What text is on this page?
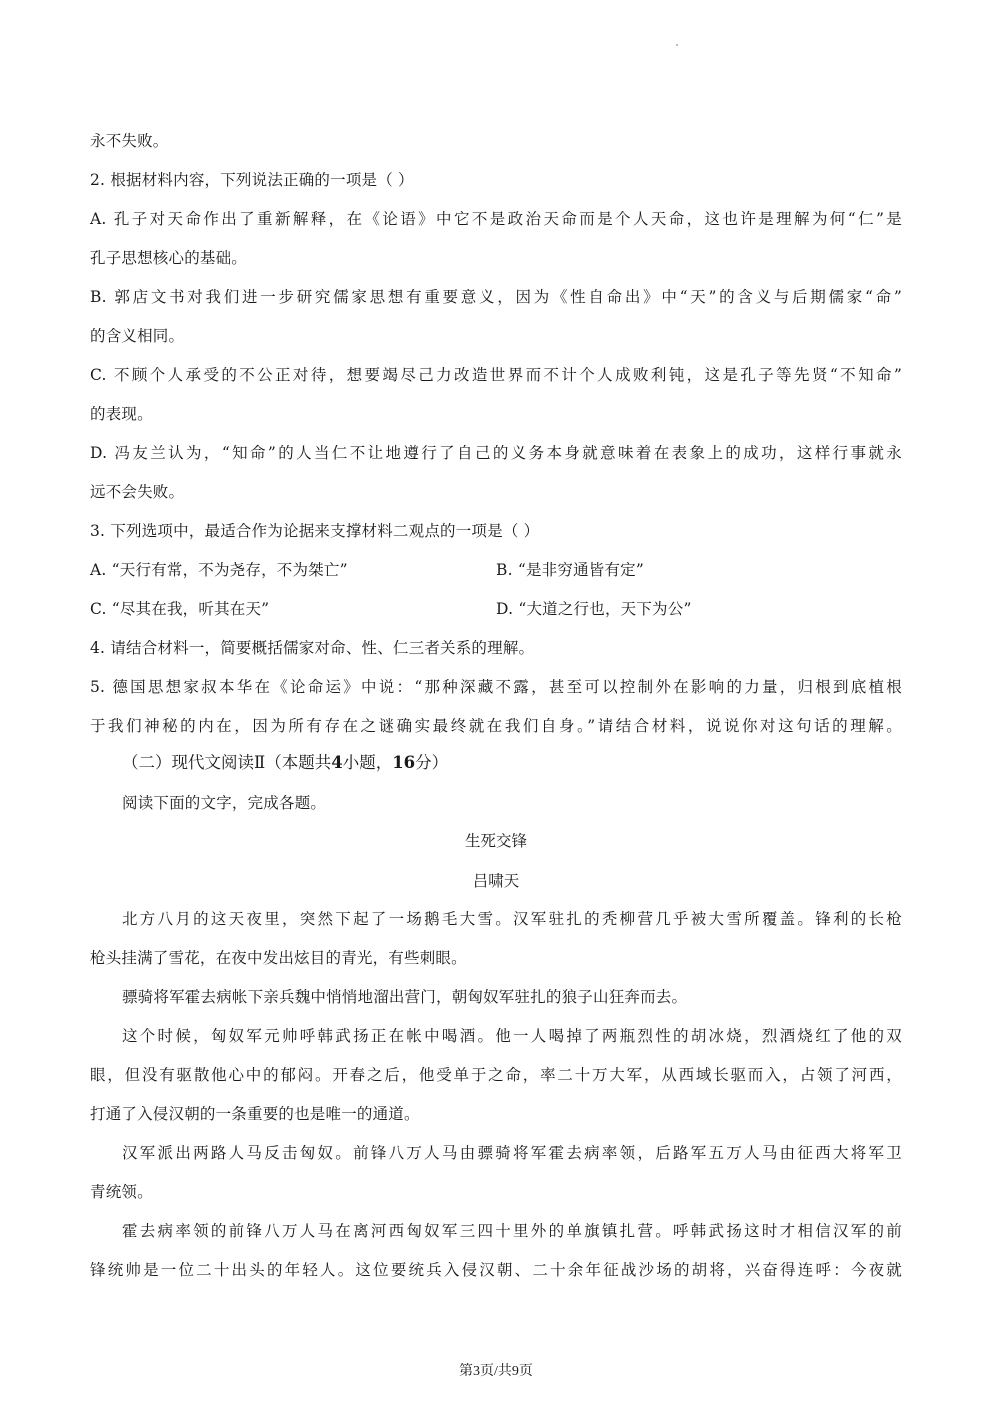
永不失败。
2. 根据材料内容，下列说法正确的一项是（ ）
A. 孔子对天命作出了重新解释，在《论语》中它不是政治天命而是个人天命，这也许是理解为何“仁”是
孔子思想核心的基础。
B. 郭店文书对我们进一步研究儒家思想有重要意义，因为《性自命出》中“天”的含义与后期儒家“命”
的含义相同。
C. 不顾个人承受的不公正对待，想要竭尽己力改造世界而不计个人成败利钝，这是孔子等先贤“不知命”
的表现。
D. 冯友兰认为，“知命”的人当仁不让地遵行了自己的义务本身就意味着在表象上的成功，这样行事就永
远不会失败。
3. 下列选项中，最适合作为论据来支撑材料二观点的一项是（ ）
A. “天行有常，不为尧存，不为桀亡”	B. “是非穷通皆有定”
C. “尽其在我，听其在天”	D. “大道之行也，天下为公”
4. 请结合材料一，简要概括儒家对命、性、仁三者关系的理解。
5. 德国思想家叔本华在《论命运》中说：“那种深藏不露，甚至可以控制外在影响的力量，归根到底植根
于我们神秘的内在，因为所有存在之谜确实最终就在我们自身。”请结合材料，说说你对这句话的理解。
（二）现代文阅读Ⅱ（本题共4小题，16分）
阅读下面的文字，完成各题。
生死交锋
吕啸天
北方八月的这天夜里，突然下起了一场鹅毛大雪。汉军驻扎的秃柳营几乎被大雪所覆盖。锋利的长枪
枪头挂满了雪花，在夜中发出炫目的青光，有些刺眼。
骠骑将军霍去病帐下亲兵魏中悄悄地溜出营门，朝匈奴军驻扎的狼子山狂奔而去。
这个时候，匈奴军元帅呼韩武扬正在帐中喝酒。他一人喝掉了两瓶烈性的胡冰烧，烈酒烧红了他的双
眼，但没有驱散他心中的郁闷。开春之后，他受单于之命，率二十万大军，从西域长驱而入，占领了河西，
打通了入侵汉朝的一条重要的也是唯一的通道。
汉军派出两路人马反击匈奴。前锋八万人马由骠骑将军霍去病率领，后路军五万人马由征西大将军卫
青统领。
霍去病率领的前锋八万人马在离河西匈奴军三四十里外的单旗镇扎营。呼韩武扬这时才相信汉军的前
锋统帅是一位二十出头的年轻人。这位要统兵入侵汉朝、二十余年征战沙场的胡将，兴奋得连呼：今夜就
第3页/共9页
